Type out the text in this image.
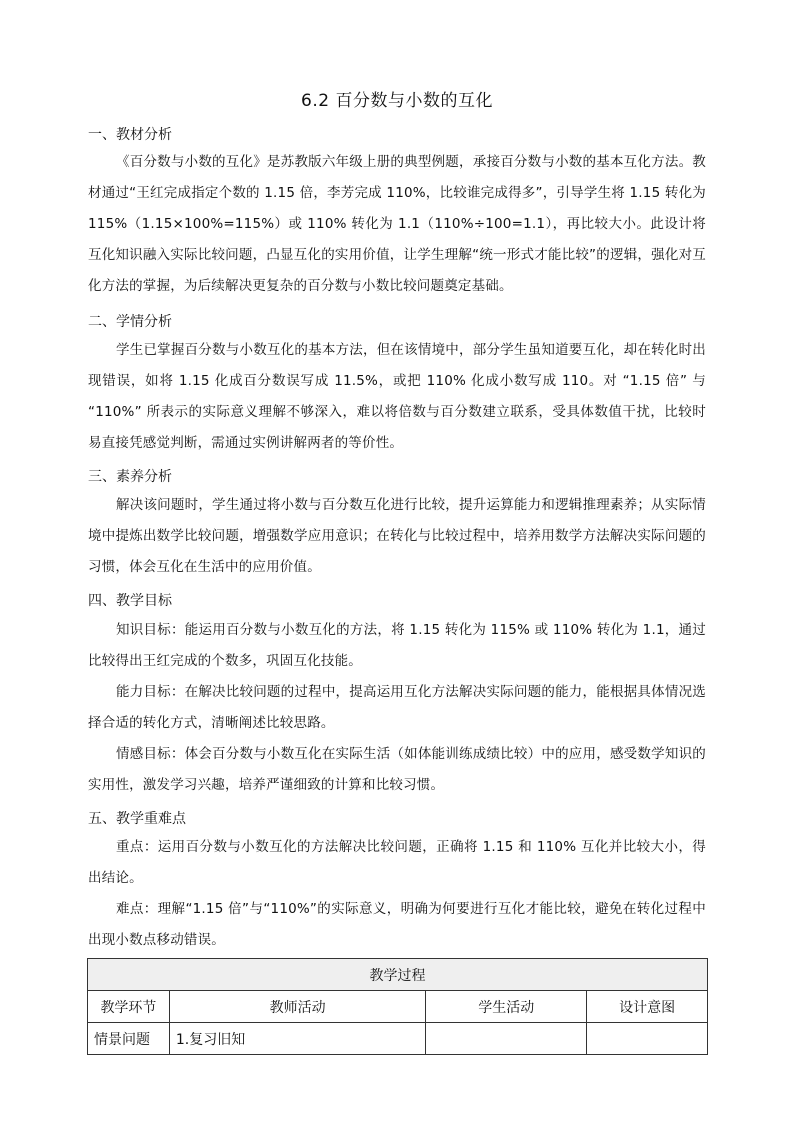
6.2 百分数与小数的互化
一、教材分析
《百分数与小数的互化》是苏教版六年级上册的典型例题，承接百分数与小数的基本互化方法。教材通过“王红完成指定个数的 1.15 倍，李芳完成 110%，比较谁完成得多”，引导学生将 1.15 转化为 115%（1.15×100%=115%）或 110% 转化为 1.1（110%÷100=1.1），再比较大小。此设计将互化知识融入实际比较问题，凸显互化的实用价值，让学生理解“统一形式才能比较”的逻辑，强化对互化方法的掌握，为后续解决更复杂的百分数与小数比较问题奠定基础。
二、学情分析
学生已掌握百分数与小数互化的基本方法，但在该情境中，部分学生虽知道要互化，却在转化时出现错误，如将 1.15 化成百分数误写成 11.5%，或把 110% 化成小数写成 110。对 “1.15 倍” 与 “110%” 所表示的实际意义理解不够深入，难以将倍数与百分数建立联系，受具体数值干扰，比较时易直接凭感觉判断，需通过实例讲解两者的等价性。
三、素养分析
解决该问题时，学生通过将小数与百分数互化进行比较，提升运算能力和逻辑推理素养；从实际情境中提炼出数学比较问题，增强数学应用意识；在转化与比较过程中，培养用数学方法解决实际问题的习惯，体会互化在生活中的应用价值。
四、教学目标
知识目标：能运用百分数与小数互化的方法，将 1.15 转化为 115% 或 110% 转化为 1.1，通过比较得出王红完成的个数多，巩固互化技能。
能力目标：在解决比较问题的过程中，提高运用互化方法解决实际问题的能力，能根据具体情况选择合适的转化方式，清晰阐述比较思路。
情感目标：体会百分数与小数互化在实际生活（如体能训练成绩比较）中的应用，感受数学知识的实用性，激发学习兴趣，培养严谨细致的计算和比较习惯。
五、教学重难点
重点：运用百分数与小数互化的方法解决比较问题，正确将 1.15 和 110% 互化并比较大小，得出结论。
难点：理解“1.15 倍”与“110%”的实际意义，明确为何要进行互化才能比较，避免在转化过程中出现小数点移动错误。
教学过程			
教学环节	教师活动	学生活动	设计意图
情景问题	1.复习旧知		
